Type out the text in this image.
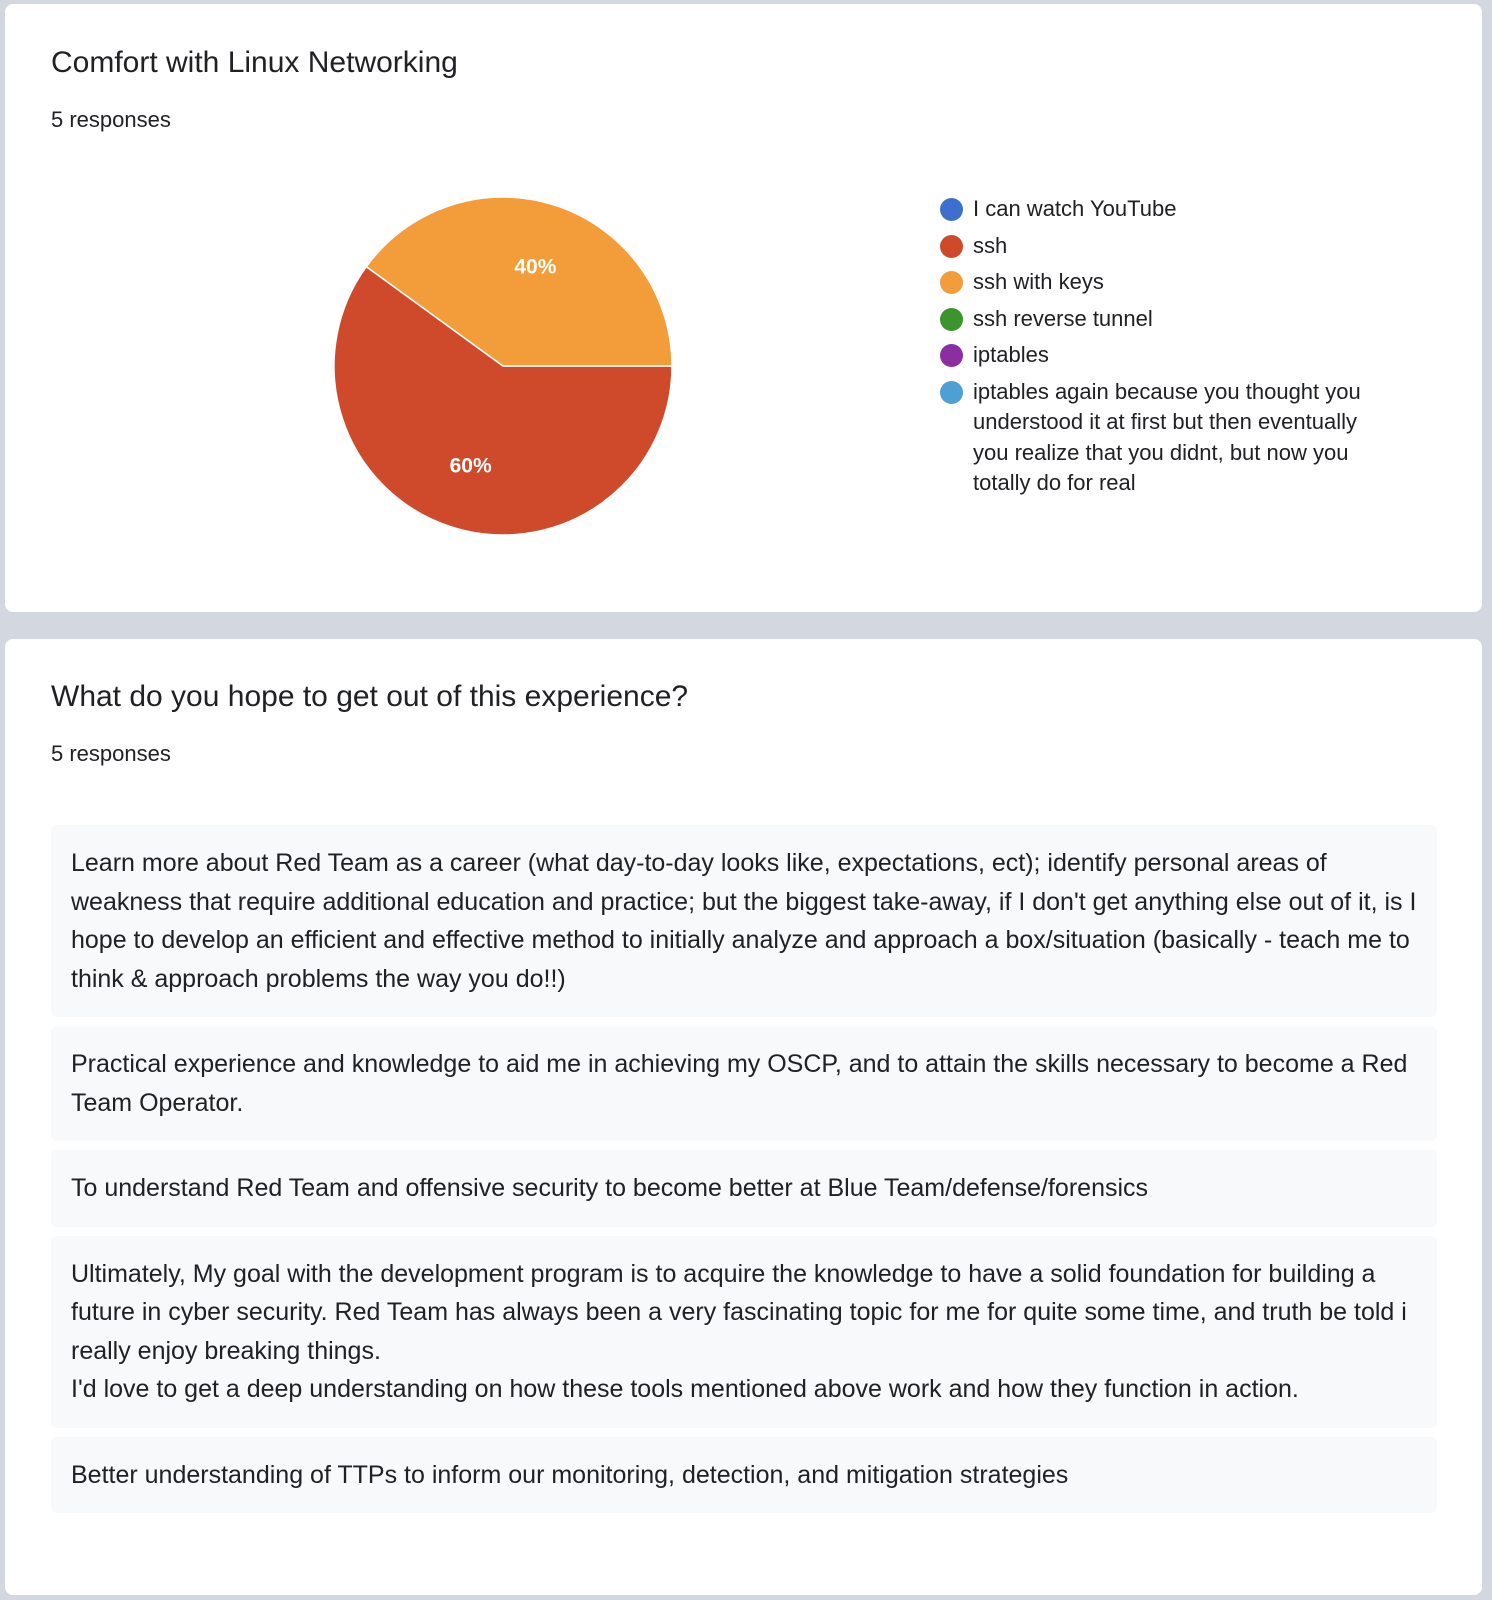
Comfort with Linux Networking
5 responses
60%
40%
I can watch YouTube
ssh
ssh with keys
ssh reverse tunnel
iptables
iptables again because you thought you understood it at first but then eventually you realize that you didnt, but now you totally do for real
What do you hope to get out of this experience?
5 responses
Learn more about Red Team as a career (what day-to-day looks like, expectations, ect); identify personal areas of weakness that require additional education and practice; but the biggest take-away, if I don't get anything else out of it, is I hope to develop an efficient and effective method to initially analyze and approach a box/situation (basically - teach me to think & approach problems the way you do!!)
Practical experience and knowledge to aid me in achieving my OSCP, and to attain the skills necessary to become a Red Team Operator.
To understand Red Team and offensive security to become better at Blue Team/defense/forensics
Ultimately, My goal with the development program is to acquire the knowledge to have a solid foundation for building a future in cyber security. Red Team has always been a very fascinating topic for me for quite some time, and truth be told i really enjoy breaking things.
I'd love to get a deep understanding on how these tools mentioned above work and how they function in action.
Better understanding of TTPs to inform our monitoring, detection, and mitigation strategies
